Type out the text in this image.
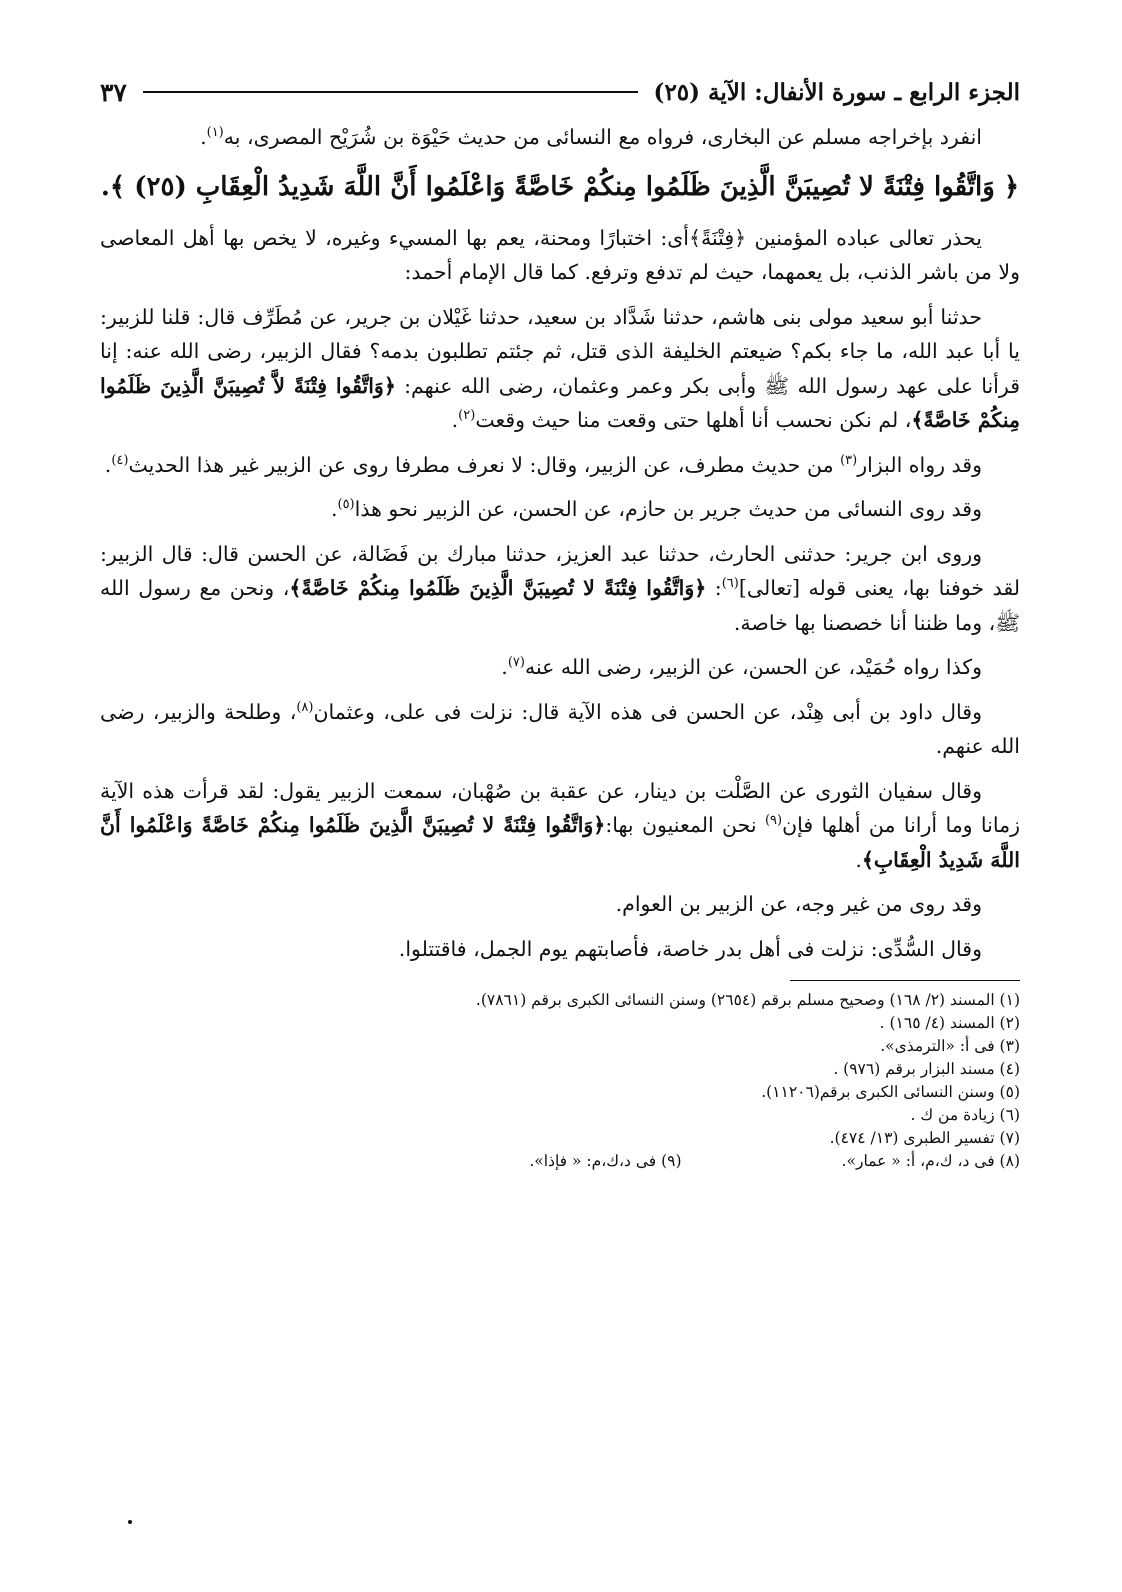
الجزء الرابع ـ سورة الأنفال: الآية (٢٥)
٣٧

انفرد بإخراجه مسلم عن البخارى، فرواه مع النسائى من حديث حَيْوَة بن شُرَيْح المصرى، به$^{(١)}$.

﴿ وَاتَّقُوا فِتْنَةً لا تُصِيبَنَّ الَّذِينَ ظَلَمُوا مِنكُمْ خَاصَّةً وَاعْلَمُوا أَنَّ اللَّهَ شَدِيدُ الْعِقَابِ (٢٥) ﴾.

يحذر تعالى عباده المؤمنين ﴿فِتْنَةً﴾أى: اختبارًا ومحنة، يعم بها المسيء وغيره، لا يخص بها أهل المعاصى ولا من باشر الذنب، بل يعمهما، حيث لم تدفع وترفع. كما قال الإمام أحمد:

حدثنا أبو سعيد مولى بنى هاشم، حدثنا شَدَّاد بن سعيد، حدثنا غَيْلان بن جرير، عن مُطَرِّف قال: قلنا للزبير: يا أبا عبد الله، ما جاء بكم؟ ضيعتم الخليفة الذى قتل، ثم جئتم تطلبون بدمه؟ فقال الزبير، رضى الله عنه: إنا قرأنا على عهد رسول الله ﷺ وأبى بكر وعمر وعثمان، رضى الله عنهم: ﴿وَاتَّقُوا فِتْنَةً لاَّ تُصِيبَنَّ الَّذِينَ ظَلَمُوا مِنكُمْ خَاصَّةً﴾، لم نكن نحسب أنا أهلها حتى وقعت منا حيث وقعت$^{(٢)}$.

وقد رواه البزار$^{(٣)}$ من حديث مطرف، عن الزبير، وقال: لا نعرف مطرفا روى عن الزبير غير هذا الحديث$^{(٤)}$.

وقد روى النسائى من حديث جرير بن حازم، عن الحسن، عن الزبير نحو هذا$^{(٥)}$.

وروى ابن جرير: حدثنى الحارث، حدثنا عبد العزيز، حدثنا مبارك بن فَضَالة، عن الحسن قال: قال الزبير: لقد خوفنا بها، يعنى قوله [تعالى]$^{(٦)}$: ﴿وَاتَّقُوا فِتْنَةً لا تُصِيبَنَّ الَّذِينَ ظَلَمُوا مِنكُمْ خَاصَّةً﴾، ونحن مع رسول الله ﷺ، وما ظننا أنا خصصنا بها خاصة.

وكذا رواه حُمَيْد، عن الحسن، عن الزبير، رضى الله عنه$^{(٧)}$.

وقال داود بن أبى هِنْد، عن الحسن فى هذه الآية قال: نزلت فى على، وعثمان$^{(٨)}$، وطلحة والزبير، رضى الله عنهم.

وقال سفيان الثورى عن الصَّلْت بن دينار، عن عقبة بن صُهْبان، سمعت الزبير يقول: لقد قرأت هذه الآية زمانا وما أرانا من أهلها فإن$^{(٩)}$ نحن المعنيون بها:﴿وَاتَّقُوا فِتْنَةً لا تُصِيبَنَّ الَّذِينَ ظَلَمُوا مِنكُمْ خَاصَّةً وَاعْلَمُوا أَنَّ اللَّهَ شَدِيدُ الْعِقَابِ﴾.

وقد روى من غير وجه، عن الزبير بن العوام.

وقال السُّدِّى: نزلت فى أهل بدر خاصة، فأصابتهم يوم الجمل، فاقتتلوا.

(١) المسند (٢/ ١٦٨) وصحيح مسلم برقم (٢٦٥٤) وسنن النسائى الكبرى برقم (٧٨٦١).
(٢) المسند (٤/ ١٦٥) .
(٣) فى أ: «الترمذى».
(٤) مسند البزار برقم (٩٧٦) .
(٥) وسنن النسائى الكبرى برقم(١١٢٠٦).
(٦) زيادة من ك .
(٧) تفسير الطبرى (١٣/ ٤٧٤).
(٨) فى د، ك،م، أ: « عمار».
(٩) فى د،ك،م: « فإذا».
